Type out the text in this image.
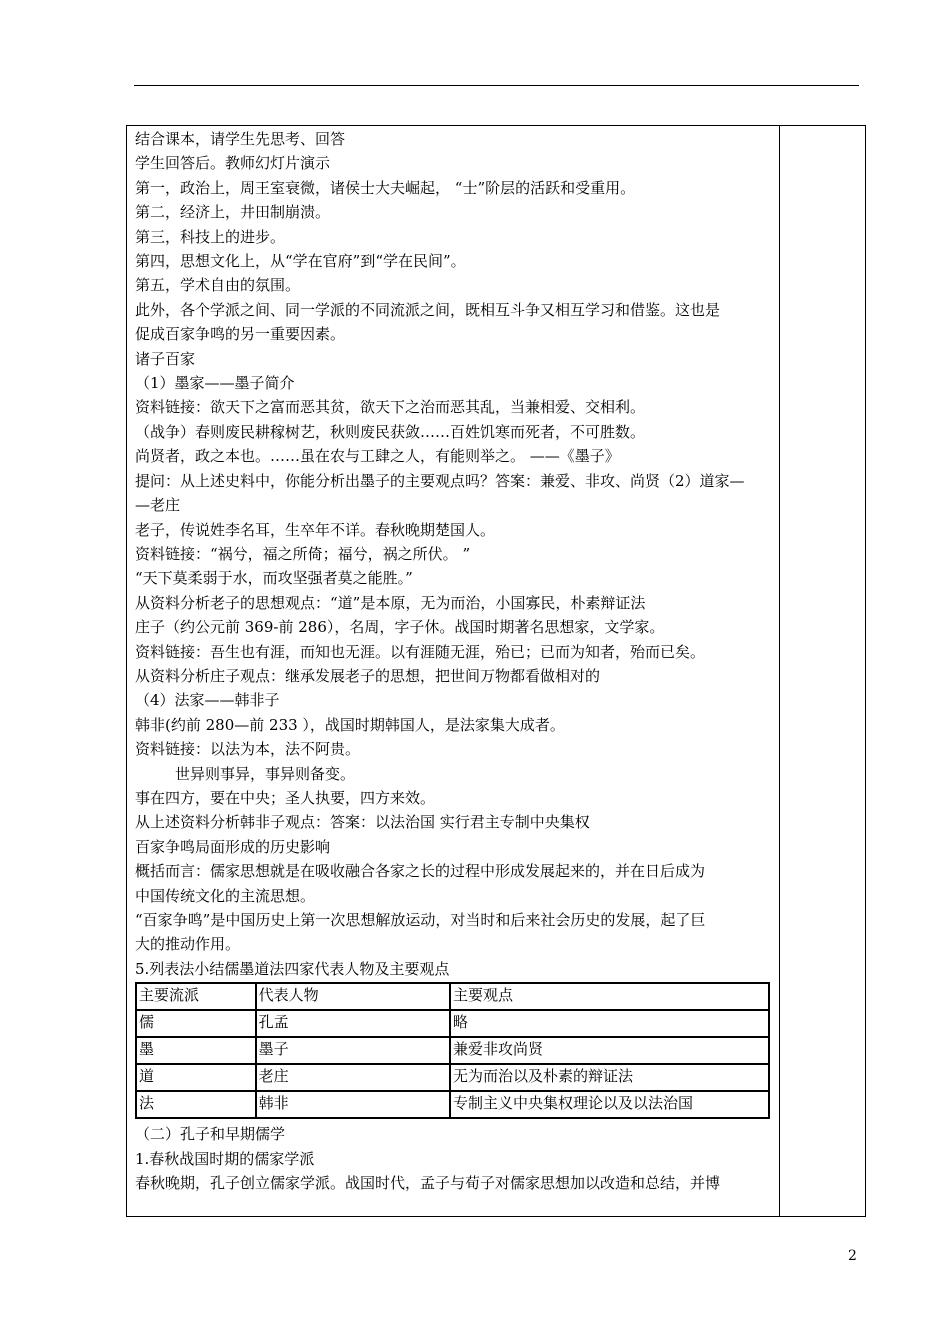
结合课本，请学生先思考、回答
学生回答后。教师幻灯片演示
第一，政治上，周王室衰微，诸侯士大夫崛起， “士”阶层的活跃和受重用。
第二，经济上，井田制崩溃。
第三，科技上的进步。
第四，思想文化上，从“学在官府”到“学在民间”。
第五，学术自由的氛围。
此外，各个学派之间、同一学派的不同流派之间，既相互斗争又相互学习和借鉴。这也是
促成百家争鸣的另一重要因素。
诸子百家
（1）墨家——墨子简介
资料链接：欲天下之富而恶其贫，欲天下之治而恶其乱，当兼相爱、交相利。
（战争）春则废民耕稼树艺，秋则废民获敛……百姓饥寒而死者，不可胜数。
尚贤者，政之本也。……虽在农与工肆之人，有能则举之。 ——《墨子》
提问：从上述史料中，你能分析出墨子的主要观点吗？答案：兼爱、非攻、尚贤（2）道家—
—老庄
老子，传说姓李名耳，生卒年不详。春秋晚期楚国人。
资料链接：“祸兮，福之所倚；福兮，祸之所伏。 ”
“天下莫柔弱于水，而攻坚强者莫之能胜。”
从资料分析老子的思想观点：“道”是本原，无为而治，小国寡民，朴素辩证法
庄子（约公元前 369-前 286），名周，字子休。战国时期著名思想家，文学家。
资料链接：吾生也有涯，而知也无涯。以有涯随无涯，殆已；已而为知者，殆而已矣。
从资料分析庄子观点：继承发展老子的思想，把世间万物都看做相对的
（4）法家——韩非子
韩非(约前 280—前 233 ），战国时期韩国人，是法家集大成者。
资料链接：以法为本，法不阿贵。
世异则事异，事异则备变。
事在四方，要在中央；圣人执要，四方来效。
从上述资料分析韩非子观点：答案：以法治国 实行君主专制中央集权
百家争鸣局面形成的历史影响
概括而言：儒家思想就是在吸收融合各家之长的过程中形成发展起来的，并在日后成为
中国传统文化的主流思想。
“百家争鸣”是中国历史上第一次思想解放运动，对当时和后来社会历史的发展，起了巨
大的推动作用。
5.列表法小结儒墨道法四家代表人物及主要观点
主要流派	代表人物	主要观点
儒	孔孟	略
墨	墨子	兼爱非攻尚贤
道	老庄	无为而治以及朴素的辩证法
法	韩非	专制主义中央集权理论以及以法治国
（二）孔子和早期儒学
1.春秋战国时期的儒家学派
春秋晚期，孔子创立儒家学派。战国时代，孟子与荀子对儒家思想加以改造和总结，并博
2
